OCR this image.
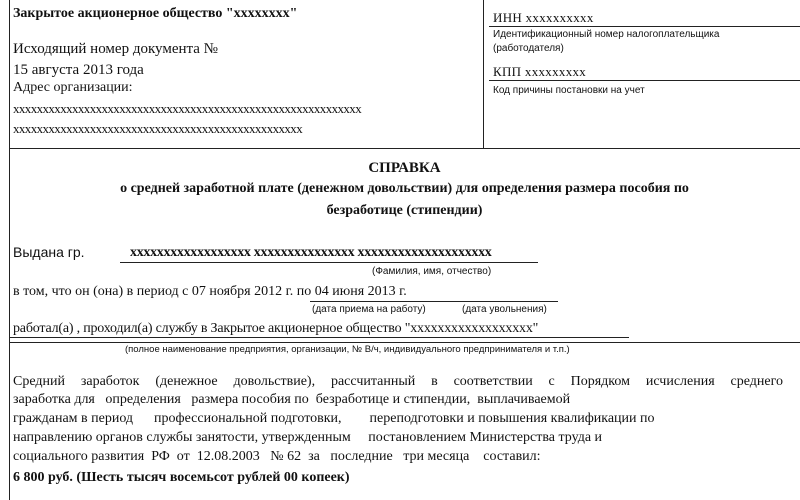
Закрытое акционерное общество "xxxxxxxx"
Исходящий номер документа №
15 августа 2013 года
Адрес организации:
xxxxxxxxxxxxxxxxxxxxxxxxxxxxxxxxxxxxxxxxxxxxxxxxxxxxxxxxxxx
xxxxxxxxxxxxxxxxxxxxxxxxxxxxxxxxxxxxxxxxxxxxxxxxx
ИНН xxxxxxxxxx
Идентификационный номер налогоплательщика
(работодателя)
КПП xxxxxxxxx
Код причины постановки на учет
СПРАВКА
о средней заработной плате (денежном довольствии) для определения размера пособия по
безработице (стипендии)
Выдана гр.	xxxxxxxxxxxxxxxxxx xxxxxxxxxxxxxxx xxxxxxxxxxxxxxxxxxxx
(Фамилия, имя, отчество)
в том, что он (она) в период с 07 ноября 2012 г. по 04 июня 2013 г.
(дата приема на работу)	(дата увольнения)
работал(а) , проходил(а) службу в Закрытое акционерное общество "xxxxxxxxxxxxxxxxxx"
(полное наименование предприятия, организации, № В/ч, индивидуального предпринимателя и т.п.)
Средний заработок (денежное довольствие), рассчитанный в соответствии с Порядком исчисления среднего
заработка для   определения   размера пособия по  безработице и стипендии,  выплачиваемой
гражданам в период      профессиональной подготовки,        переподготовки и повышения квалификации по
направлению органов службы занятости, утвержденным     постановлением Министерства труда и
социального развития  РФ  от  12.08.2003   № 62  за   последние   три месяца    составил:
6 800 руб. (Шесть тысяч восемьсот рублей 00 копеек)
